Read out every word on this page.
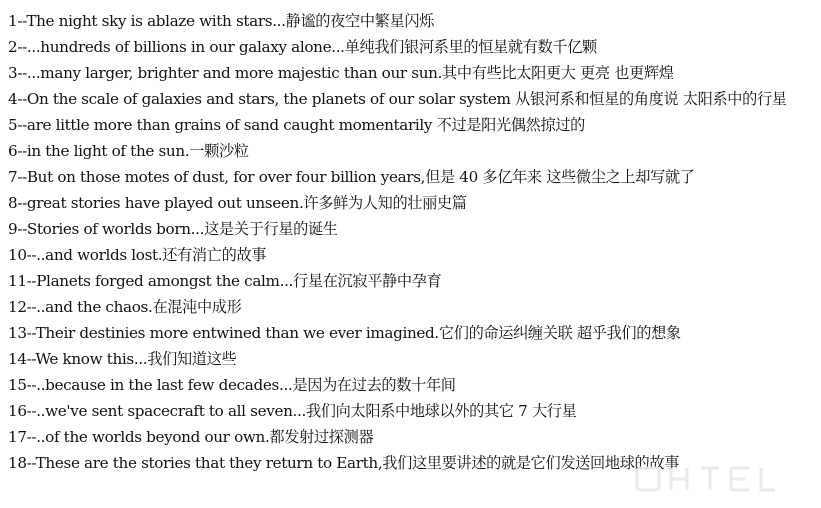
1--The night sky is ablaze with stars...静谧的夜空中繁星闪烁
2--...hundreds of billions in our galaxy alone...单纯我们银河系里的恒星就有数千亿颗
3--...many larger, brighter and more majestic than our sun.其中有些比太阳更大 更亮 也更辉煌
4--On the scale of galaxies and stars, the planets of our solar system 从银河系和恒星的角度说 太阳系中的行星
5--are little more than grains of sand caught momentarily 不过是阳光偶然掠过的
6--in the light of the sun.一颗沙粒
7--But on those motes of dust, for over four billion years,但是 40 多亿年来 这些微尘之上却写就了
8--great stories have played out unseen.许多鲜为人知的壮丽史篇
9--Stories of worlds born...这是关于行星的诞生
10--..and worlds lost.还有消亡的故事
11--Planets forged amongst the calm...行星在沉寂平静中孕育
12--..and the chaos.在混沌中成形
13--Their destinies more entwined than we ever imagined.它们的命运纠缠关联 超乎我们的想象
14--We know this...我们知道这些
15--..because in the last few decades...是因为在过去的数十年间
16--..we've sent spacecraft to all seven...我们向太阳系中地球以外的其它 7 大行星
17--..of the worlds beyond our own.都发射过探测器
18--These are the stories that they return to Earth,我们这里要讲述的就是它们发送回地球的故事
